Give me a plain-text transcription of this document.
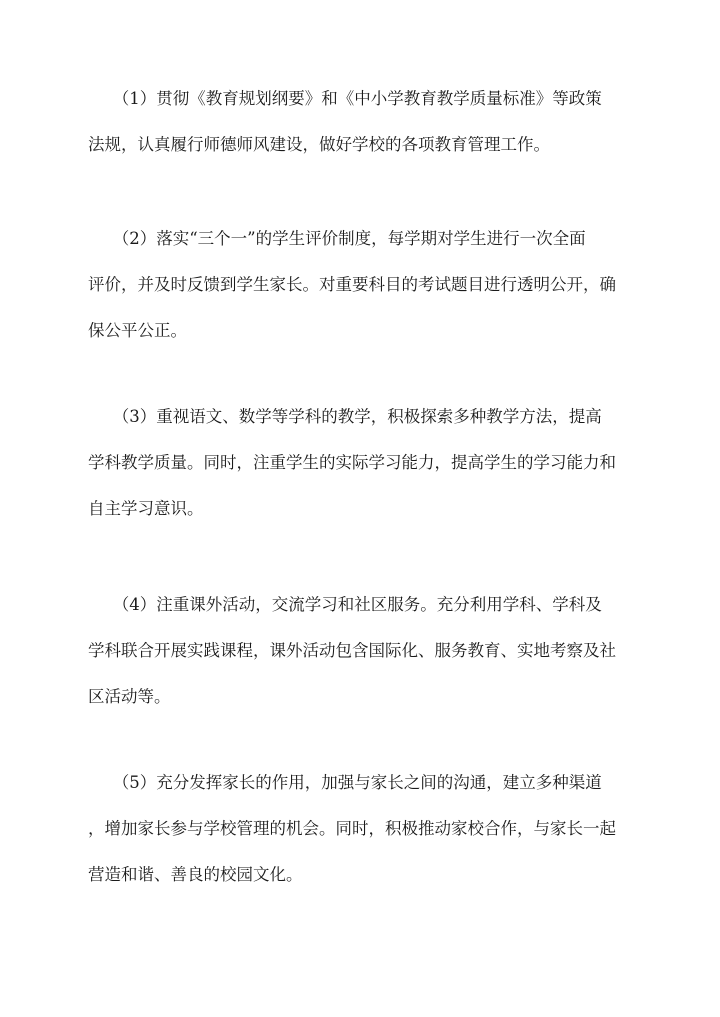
　　（1）贯彻《教育规划纲要》和《中小学教育教学质量标准》等政策
法规，认真履行师德师风建设，做好学校的各项教育管理工作。
　　（2）落实“三个一”的学生评价制度，每学期对学生进行一次全面
评价，并及时反馈到学生家长。对重要科目的考试题目进行透明公开，确
保公平公正。
　　（3）重视语文、数学等学科的教学，积极探索多种教学方法，提高
学科教学质量。同时，注重学生的实际学习能力，提高学生的学习能力和
自主学习意识。
　　（4）注重课外活动，交流学习和社区服务。充分利用学科、学科及
学科联合开展实践课程，课外活动包含国际化、服务教育、实地考察及社
区活动等。
　　（5）充分发挥家长的作用，加强与家长之间的沟通，建立多种渠道
，增加家长参与学校管理的机会。同时，积极推动家校合作，与家长一起
营造和谐、善良的校园文化。
